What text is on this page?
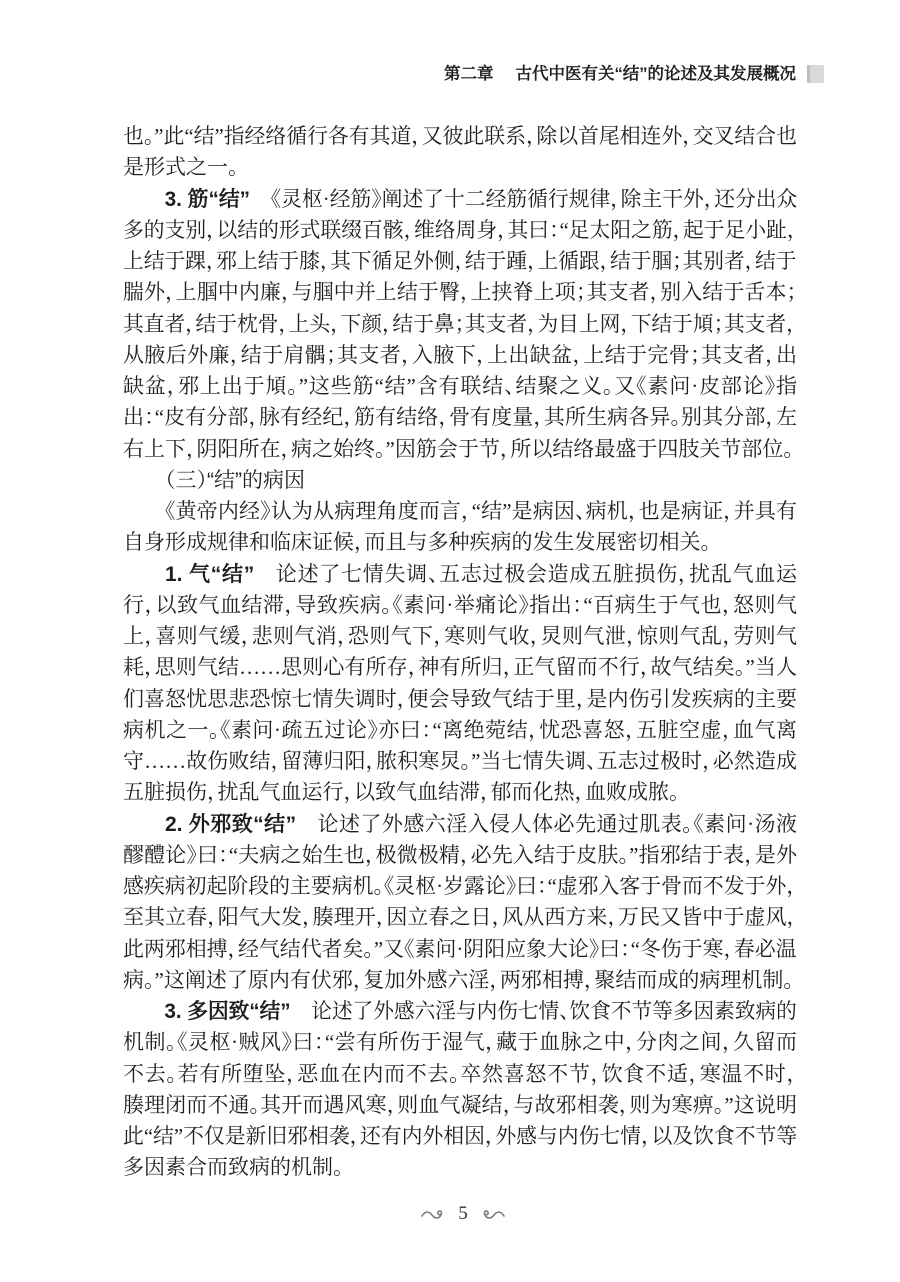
第二章 古代中医有关“结”的论述及其发展概况
也。”此“结”指经络循行各有其道，又彼此联系，除以首尾相连外，交叉结合也
是形式之一。
3. 筋“结” 《灵枢·经筋》阐述了十二经筋循行规律，除主干外，还分出众
多的支别，以结的形式联缀百骸，维络周身，其曰：“足太阳之筋，起于足小趾，
上结于踝，邪上结于膝，其下循足外侧，结于踵，上循跟，结于腘；其别者，结于
腨外，上腘中内廉，与腘中并上结于臀，上挟脊上项；其支者，别入结于舌本；
其直者，结于枕骨，上头，下颜，结于鼻；其支者，为目上网，下结于頄；其支者，
从腋后外廉，结于肩髃；其支者，入腋下，上出缺盆，上结于完骨；其支者，出
缺盆，邪上出于頄。”这些筋“结”含有联结、结聚之义。又《素问·皮部论》指
出：“皮有分部，脉有经纪，筋有结络，骨有度量，其所生病各异。别其分部，左
右上下，阴阳所在，病之始终。”因筋会于节，所以结络最盛于四肢关节部位。
（三）“结”的病因
《黄帝内经》认为从病理角度而言，“结”是病因、病机，也是病证，并具有
自身形成规律和临床证候，而且与多种疾病的发生发展密切相关。
1. 气“结” 论述了七情失调、五志过极会造成五脏损伤，扰乱气血运
行，以致气血结滞，导致疾病。《素问·举痛论》指出：“百病生于气也，怒则气
上，喜则气缓，悲则气消，恐则气下，寒则气收，炅则气泄，惊则气乱，劳则气
耗，思则气结……思则心有所存，神有所归，正气留而不行，故气结矣。”当人
们喜怒忧思悲恐惊七情失调时，便会导致气结于里，是内伤引发疾病的主要
病机之一。《素问·疏五过论》亦曰：“离绝菀结，忧恐喜怒，五脏空虚，血气离
守……故伤败结，留薄归阳，脓积寒炅。”当七情失调、五志过极时，必然造成
五脏损伤，扰乱气血运行，以致气血结滞，郁而化热，血败成脓。
2. 外邪致“结” 论述了外感六淫入侵人体必先通过肌表。《素问·汤液
醪醴论》曰：“夫病之始生也，极微极精，必先入结于皮肤。”指邪结于表，是外
感疾病初起阶段的主要病机。《灵枢·岁露论》曰：“虚邪入客于骨而不发于外，
至其立春，阳气大发，腠理开，因立春之日，风从西方来，万民又皆中于虚风，
此两邪相搏，经气结代者矣。”又《素问·阴阳应象大论》曰：“冬伤于寒，春必温
病。”这阐述了原内有伏邪，复加外感六淫，两邪相搏，聚结而成的病理机制。
3. 多因致“结” 论述了外感六淫与内伤七情、饮食不节等多因素致病的
机制。《灵枢·贼风》曰：“尝有所伤于湿气，藏于血脉之中，分肉之间，久留而
不去。若有所堕坠，恶血在内而不去。卒然喜怒不节，饮食不适，寒温不时，
腠理闭而不通。其开而遇风寒，则血气凝结，与故邪相袭，则为寒痹。”这说明
此“结”不仅是新旧邪相袭，还有内外相因，外感与内伤七情，以及饮食不节等
多因素合而致病的机制。
5
